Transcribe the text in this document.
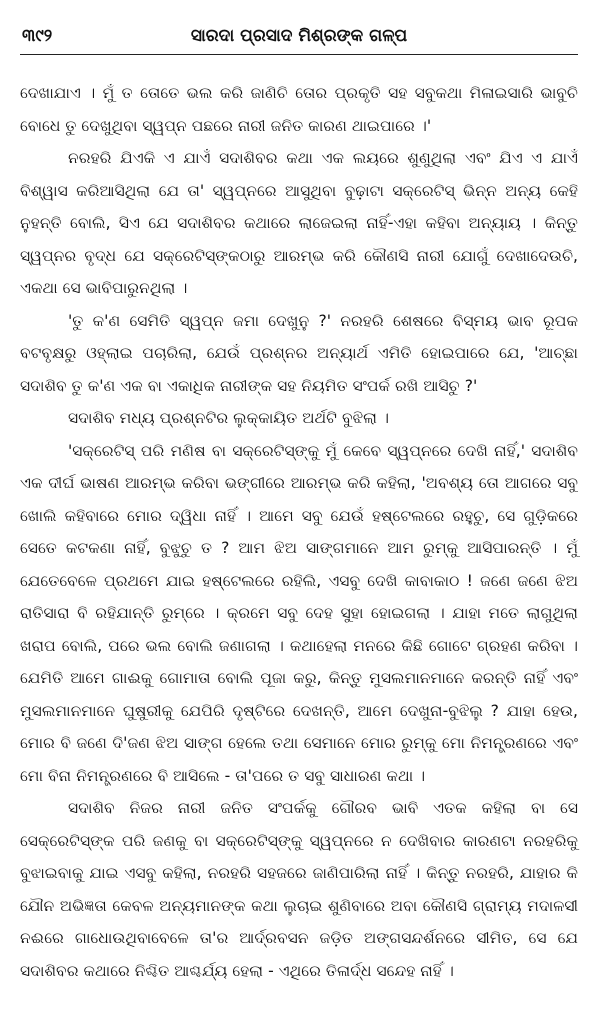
୩୯୨	ସାରଦା ପ୍ରସାଦ ମିଶ୍ରଙ୍କ ଗଳ୍ପ

ଦେଖାଯାଏ । ମୁଁ ତ ତୋତେ ଭଲ କରି ଜାଣିଚି ତୋର ପ୍ରକୃତି ସହ ସବୁକଥା ମିଳାଇସାରି ଭାବୁଚି ବୋଧେ ତୁ ଦେଖୁଥିବା ସ୍ୱପ୍ନ ପଛରେ ନାରୀ ଜନିତ କାରଣ ଥାଇପାରେ ।'

ନରହରି ଯିଏକି ଏ ଯାଏଁ ସଦାଶିବର କଥା ଏକ ଲୟରେ ଶୁଣୁଥିଲା ଏବଂ ଯିଏ ଏ ଯାଏଁ ବିଶ୍ୱାସ କରିଆସିଥିଲା ଯେ ତା' ସ୍ୱପ୍ନରେ ଆସୁଥିବା ବୁଢ଼ାଟା ସକ୍ରେଟିସ୍ ଭିନ୍ନ ଅନ୍ୟ କେହି ନୁହନ୍ତି ବୋଲି, ସିଏ ଯେ ସଦାଶିବର କଥାରେ ଲାଜେଇଲା ନାହିଁ-ଏହା କହିବା ଅନ୍ୟାୟ । କିନ୍ତୁ ସ୍ୱପ୍ନର ବୃଦ୍ଧ ଯେ ସକ୍ରେଟିସ୍‌ଙ୍କଠାରୁ ଆରମ୍ଭ କରି କୌଣସି ନାରୀ ଯୋଗୁଁ ଦେଖାଦେଉଚି, ଏକଥା ସେ ଭାବିପାରୁନଥିଲା ।

'ତୁ କ'ଣ ସେମିତି ସ୍ୱପ୍ନ ଜମା ଦେଖୁନୁ ?' ନରହରି ଶେଷରେ ବିସ୍ମୟ ଭାବ ରୂପକ ବଟବୃକ୍ଷରୁ ଓହ୍ଲାଇ ପଚାରିଲା, ଯେଉଁ ପ୍ରଶ୍ନର ଅନ୍ୟାର୍ଥ ଏମିତି ହୋଇପାରେ ଯେ, 'ଆଚ୍ଛା ସଦାଶିବ ତୁ କ'ଣ ଏକ ବା ଏକାଧିକ ନାରୀଙ୍କ ସହ ନିୟମିତ ସଂପର୍କ ରଖି ଆସିଚୁ ?'

ସଦାଶିବ ମଧ୍ୟ ପ୍ରଶ୍ନଟିର ଲୁକ୍‌କାୟିତ ଅର୍ଥଟି ବୁଝିଲା ।

'ସକ୍ରେଟିସ୍ ପରି ମଣିଷ ବା ସକ୍ରେଟିସ୍‌ଙ୍କୁ ମୁଁ କେବେ ସ୍ୱପ୍ନରେ ଦେଖି ନାହିଁ,' ସଦାଶିବ ଏକ ଦୀର୍ଘ ଭାଷଣ ଆରମ୍ଭ କରିବା ଭଙ୍ଗୀରେ ଆରମ୍ଭ କରି କହିଲା, 'ଅବଶ୍ୟ ତୋ ଆଗରେ ସବୁ ଖୋଲି କହିବାରେ ମୋର ଦ୍ୱିଧା ନାହିଁ । ଆମେ ସବୁ ଯେଉଁ ହଷ୍ଟେଲରେ ରହୁଚୁ, ସେ ଗୁଡ଼ିକରେ ସେତେ କଟକଣା ନାହିଁ, ବୁଝୁଚୁ ତ ? ଆମ ଝିଅ ସାଙ୍ଗମାନେ ଆମ ରୁମ୍‌କୁ ଆସିପାରନ୍ତି । ମୁଁ ଯେତେବେଳେ ପ୍ରଥମେ ଯାଇ ହଷ୍ଟେଲରେ ରହିଲି, ଏସବୁ ଦେଖି କାବାକାଠ ! ଜଣେ ଜଣେ ଝିଅ ରାତିସାରା ବି ରହିଯାନ୍ତି ରୁମ୍‌ରେ । କ୍ରମେ ସବୁ ଦେହ ସୁହା ହୋଇଗଲା । ଯାହା ମତେ ଲାଗୁଥିଲା ଖରାପ ବୋଲି, ପରେ ଭଲ ବୋଲି ଜଣାଗଲା । କଥାହେଲା ମନରେ କିଛି ଗୋଟେ ଗ୍ରହଣ କରିବା । ଯେମିତି ଆମେ ଗାଈକୁ ଗୋମାତା ବୋଲି ପୂଜା କରୁ, କିନ୍ତୁ ମୁସଲମାନମାନେ କରନ୍ତି ନାହିଁ ଏବଂ ମୁସଲମାନମାନେ ଘୁଷୁରୀକୁ ଯେପିରି ଦୃଷ୍ଟିରେ ଦେଖନ୍ତି, ଆମେ ଦେଖୁନା-ବୁଝିଲୁ ? ଯାହା ହେଉ, ମୋର ବି ଜଣେ ଦି'ଜଣ ଝିଅ ସାଙ୍ଗ ହେଲେ ତଥା ସେମାନେ ମୋର ରୁମ୍‌କୁ ମୋ ନିମନ୍ତ୍ରଣରେ ଏବଂ ମୋ ବିନା ନିମନ୍ତ୍ରଣରେ ବି ଆସିଲେ - ତା'ପରେ ତ ସବୁ ସାଧାରଣ କଥା ।

ସଦାଶିବ ନିଜର ନାରୀ ଜନିତ ସଂପର୍କକୁ ଗୌରବ ଭାବି ଏତକ କହିଲା ବା ସେ ସେକ୍ରେଟିସ୍‌ଙ୍କ ପରି ଜଣକୁ ବା ସକ୍ରେଟିସ୍‌ଙ୍କୁ ସ୍ୱପ୍ନରେ ନ ଦେଖିବାର କାରଣଟା ନରହରିକୁ ବୁଝାଇବାକୁ ଯାଇ ଏସବୁ କହିଲା, ନରହରି ସହଜରେ ଜାଣିପାରିଲା ନାହିଁ । କିନ୍ତୁ ନରହରି, ଯାହାର କି ଯୌନ ଅଭିଜ୍ଞତା କେବଳ ଅନ୍ୟମାନଙ୍କ କଥା ଲୁଚାଇ ଶୁଣିବାରେ ଅବା କୌଣସି ଗ୍ରାମ୍ୟ ମଦାଳସୀ ନଈରେ ଗାଧୋଉଥିବାବେଳେ ତା'ର ଆର୍ଦ୍ରବସନ ଜଡ଼ିତ ଅଙ୍ଗସନ୍ଦର୍ଶନରେ ସୀମିତ, ସେ ଯେ ସଦାଶିବର କଥାରେ ନିଶ୍ଚିତ ଆଶ୍ଚର୍ଯ୍ୟ ହେଲା - ଏଥିରେ ତିଳାର୍ଦ୍ଧ ସନ୍ଦେହ ନାହିଁ ।
